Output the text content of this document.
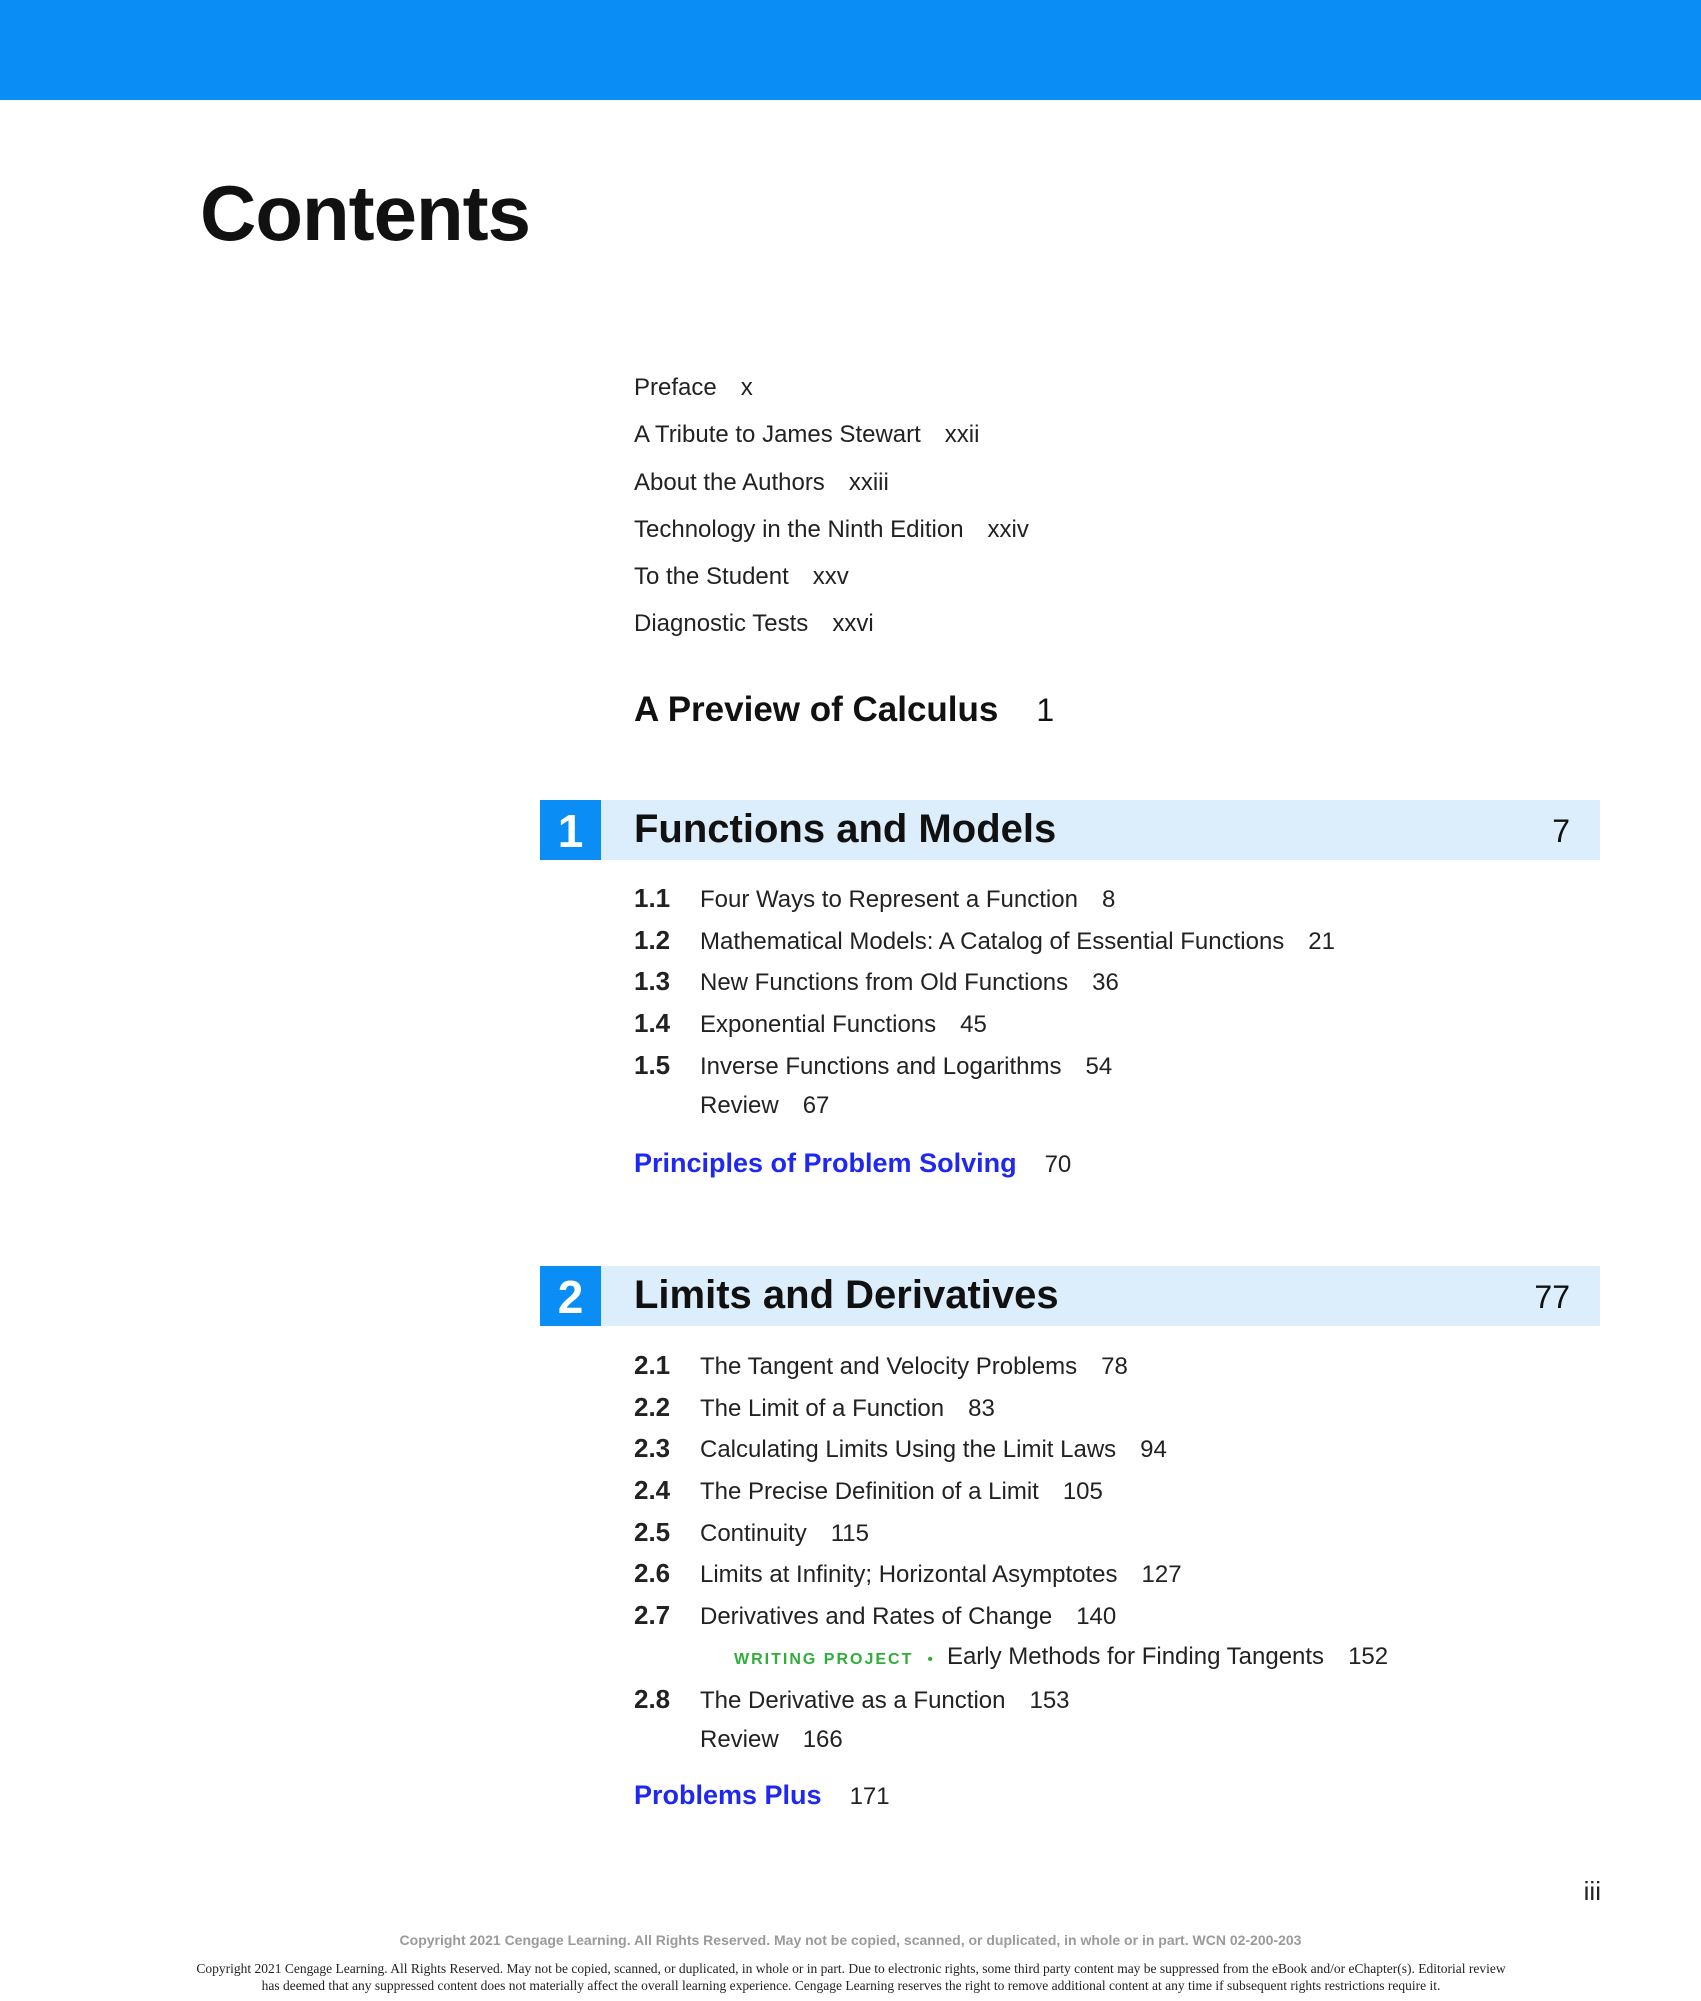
Contents
Preface x
A Tribute to James Stewart xxii
About the Authors xxiii
Technology in the Ninth Edition xxiv
To the Student xxv
Diagnostic Tests xxvi
A Preview of Calculus 1
1	Functions and Models	7
1.1 Four Ways to Represent a Function 8
1.2 Mathematical Models: A Catalog of Essential Functions 21
1.3 New Functions from Old Functions 36
1.4 Exponential Functions 45
1.5 Inverse Functions and Logarithms 54
Review 67
Principles of Problem Solving 70
2	Limits and Derivatives	77
2.1 The Tangent and Velocity Problems 78
2.2 The Limit of a Function 83
2.3 Calculating Limits Using the Limit Laws 94
2.4 The Precise Definition of a Limit 105
2.5 Continuity 115
2.6 Limits at Infinity; Horizontal Asymptotes 127
2.7 Derivatives and Rates of Change 140
WRITING PROJECT • Early Methods for Finding Tangents 152
2.8 The Derivative as a Function 153
Review 166
Problems Plus 171
iii
Copyright 2021 Cengage Learning. All Rights Reserved. May not be copied, scanned, or duplicated, in whole or in part. WCN 02-200-203
Copyright 2021 Cengage Learning. All Rights Reserved. May not be copied, scanned, or duplicated, in whole or in part. Due to electronic rights, some third party content may be suppressed from the eBook and/or eChapter(s). Editorial review has deemed that any suppressed content does not materially affect the overall learning experience. Cengage Learning reserves the right to remove additional content at any time if subsequent rights restrictions require it.
